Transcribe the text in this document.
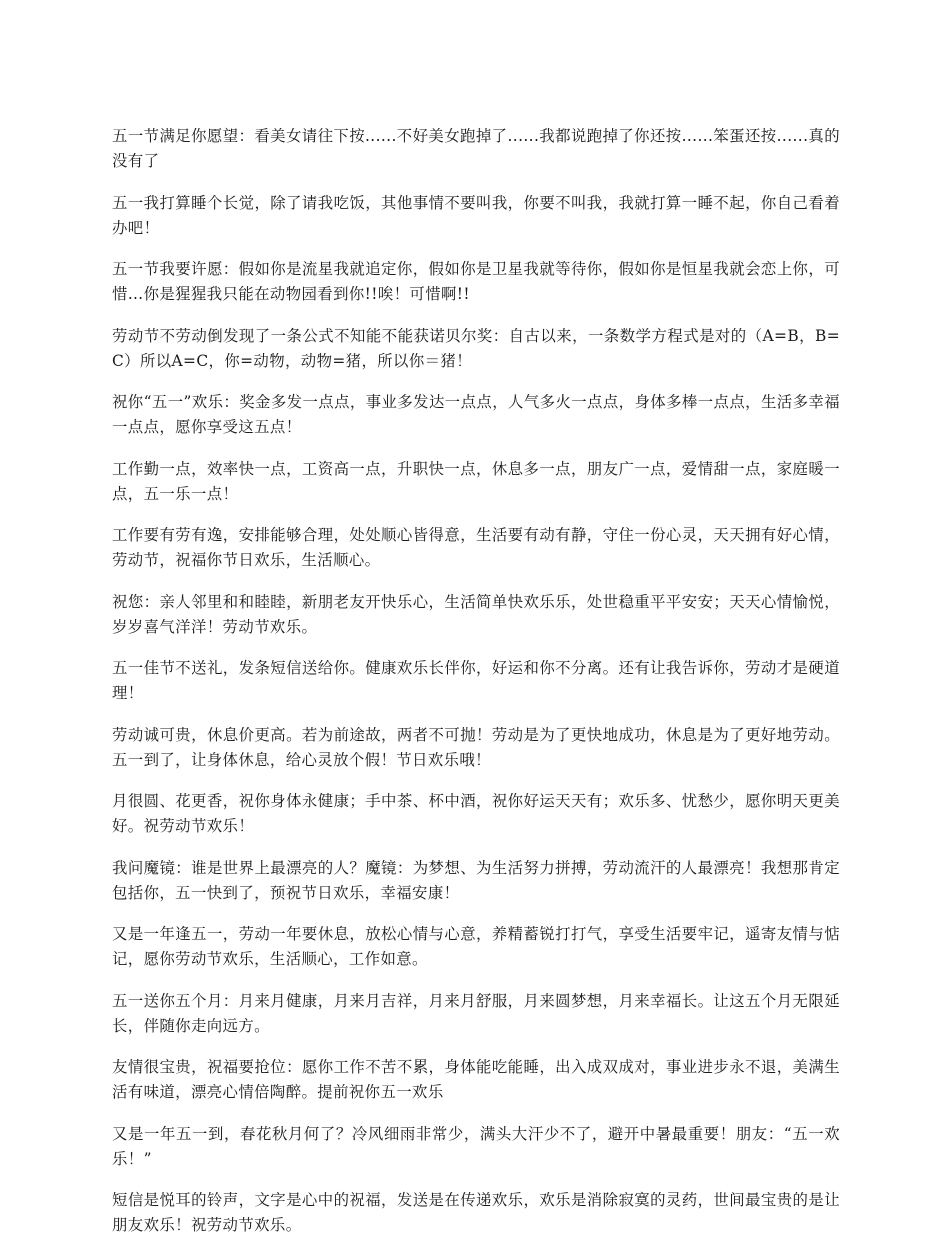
五一节满足你愿望：看美女请往下按......不好美女跑掉了......我都说跑掉了你还按......笨蛋还按......真的没有了

五一我打算睡个长觉，除了请我吃饭，其他事情不要叫我，你要不叫我，我就打算一睡不起，你自己看着办吧！

五一节我要许愿：假如你是流星我就追定你，假如你是卫星我就等待你，假如你是恒星我就会恋上你，可惜…你是猩猩我只能在动物园看到你!!唉！可惜啊!!

劳动节不劳动倒发现了一条公式不知能不能获诺贝尔奖：自古以来，一条数学方程式是对的（A=B，B=C）所以A=C，你=动物，动物=猪，所以你＝猪！

祝你“五一”欢乐：奖金多发一点点，事业多发达一点点，人气多火一点点，身体多棒一点点，生活多幸福一点点，愿你享受这五点！

工作勤一点，效率快一点，工资高一点，升职快一点，休息多一点，朋友广一点，爱情甜一点，家庭暖一点，五一乐一点！

工作要有劳有逸，安排能够合理，处处顺心皆得意，生活要有动有静，守住一份心灵，天天拥有好心情，劳动节，祝福你节日欢乐，生活顺心。

祝您：亲人邻里和和睦睦，新朋老友开快乐心，生活简单快欢乐乐，处世稳重平平安安；天天心情愉悦，岁岁喜气洋洋！劳动节欢乐。

五一佳节不送礼，发条短信送给你。健康欢乐长伴你，好运和你不分离。还有让我告诉你，劳动才是硬道理！

劳动诚可贵，休息价更高。若为前途故，两者不可抛！劳动是为了更快地成功，休息是为了更好地劳动。五一到了，让身体休息，给心灵放个假！节日欢乐哦！

月很圆、花更香，祝你身体永健康；手中茶、杯中酒，祝你好运天天有；欢乐多、忧愁少，愿你明天更美好。祝劳动节欢乐！

我问魔镜：谁是世界上最漂亮的人？魔镜：为梦想、为生活努力拼搏，劳动流汗的人最漂亮！我想那肯定包括你，五一快到了，预祝节日欢乐，幸福安康！

又是一年逢五一，劳动一年要休息，放松心情与心意，养精蓄锐打打气，享受生活要牢记，遥寄友情与惦记，愿你劳动节欢乐，生活顺心，工作如意。

五一送你五个月：月来月健康，月来月吉祥，月来月舒服，月来圆梦想，月来幸福长。让这五个月无限延长，伴随你走向远方。

友情很宝贵，祝福要抢位：愿你工作不苦不累，身体能吃能睡，出入成双成对，事业进步永不退，美满生活有味道，漂亮心情倍陶醉。提前祝你五一欢乐

又是一年五一到，春花秋月何了？冷风细雨非常少，满头大汗少不了，避开中暑最重要！朋友：“五一欢乐！”

短信是悦耳的铃声，文字是心中的祝福，发送是在传递欢乐，欢乐是消除寂寞的灵药，世间最宝贵的是让朋友欢乐！祝劳动节欢乐。
